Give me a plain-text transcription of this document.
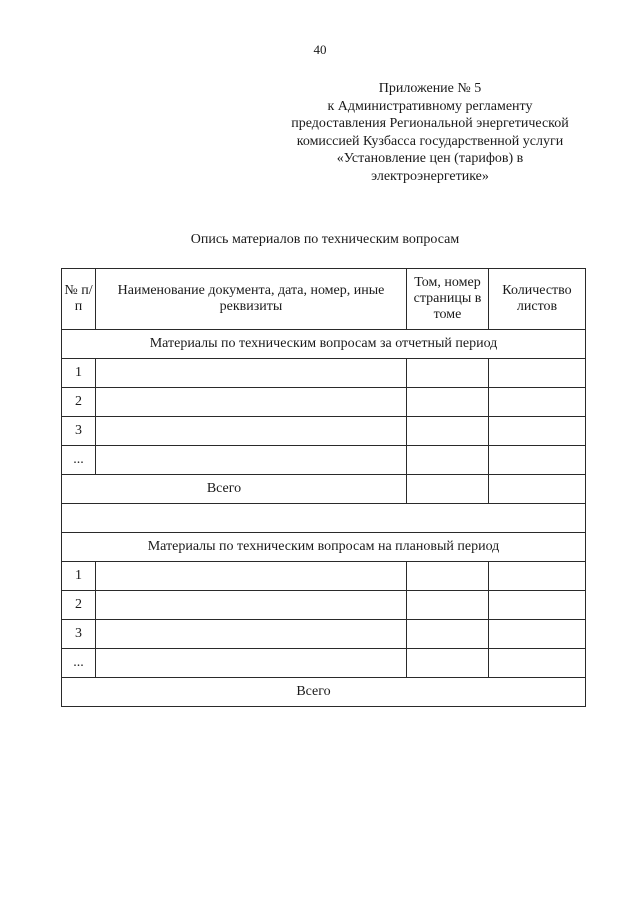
40
Приложение № 5
к Административному регламенту
предоставления Региональной энергетической
комиссией Кузбасса государственной услуги
«Установление цен (тарифов) в
электроэнергетике»
Опись материалов по техническим вопросам
№ п/п	Наименование документа, дата, номер, иные реквизиты	Том, номер страницы в томе	Количество листов
Материалы по техническим вопросам за отчетный период			
1			
2			
3			
...			
Всего			

Материалы по техническим вопросам на плановый период			
1			
2			
3			
...			
Всего			
